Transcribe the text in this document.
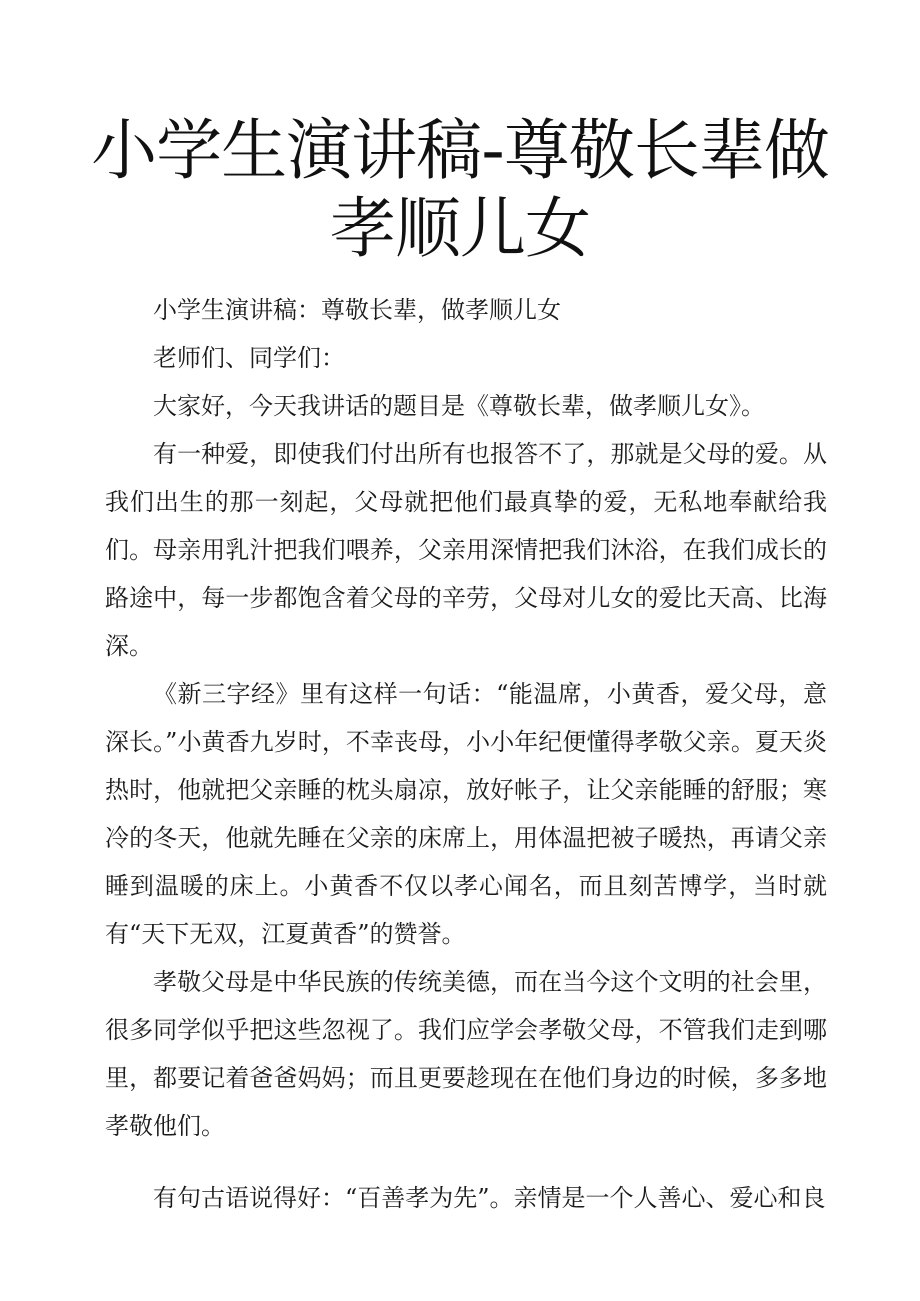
小学生演讲稿-尊敬长辈做孝顺儿女

小学生演讲稿：尊敬长辈，做孝顺儿女

老师们、同学们：

大家好，今天我讲话的题目是《尊敬长辈，做孝顺儿女》。

有一种爱，即使我们付出所有也报答不了，那就是父母的爱。从我们出生的那一刻起，父母就把他们最真挚的爱，无私地奉献给我们。母亲用乳汁把我们喂养，父亲用深情把我们沐浴，在我们成长的路途中，每一步都饱含着父母的辛劳，父母对儿女的爱比天高、比海深。

《新三字经》里有这样一句话：“能温席，小黄香，爱父母，意深长。”小黄香九岁时，不幸丧母，小小年纪便懂得孝敬父亲。夏天炎热时，他就把父亲睡的枕头扇凉，放好帐子，让父亲能睡的舒服；寒冷的冬天，他就先睡在父亲的床席上，用体温把被子暖热，再请父亲睡到温暖的床上。小黄香不仅以孝心闻名，而且刻苦博学，当时就有“天下无双，江夏黄香”的赞誉。

孝敬父母是中华民族的传统美德，而在当今这个文明的社会里，很多同学似乎把这些忽视了。我们应学会孝敬父母，不管我们走到哪里，都要记着爸爸妈妈；而且更要趁现在在他们身边的时候，多多地孝敬他们。

有句古语说得好：“百善孝为先”。亲情是一个人善心、爱心和良
